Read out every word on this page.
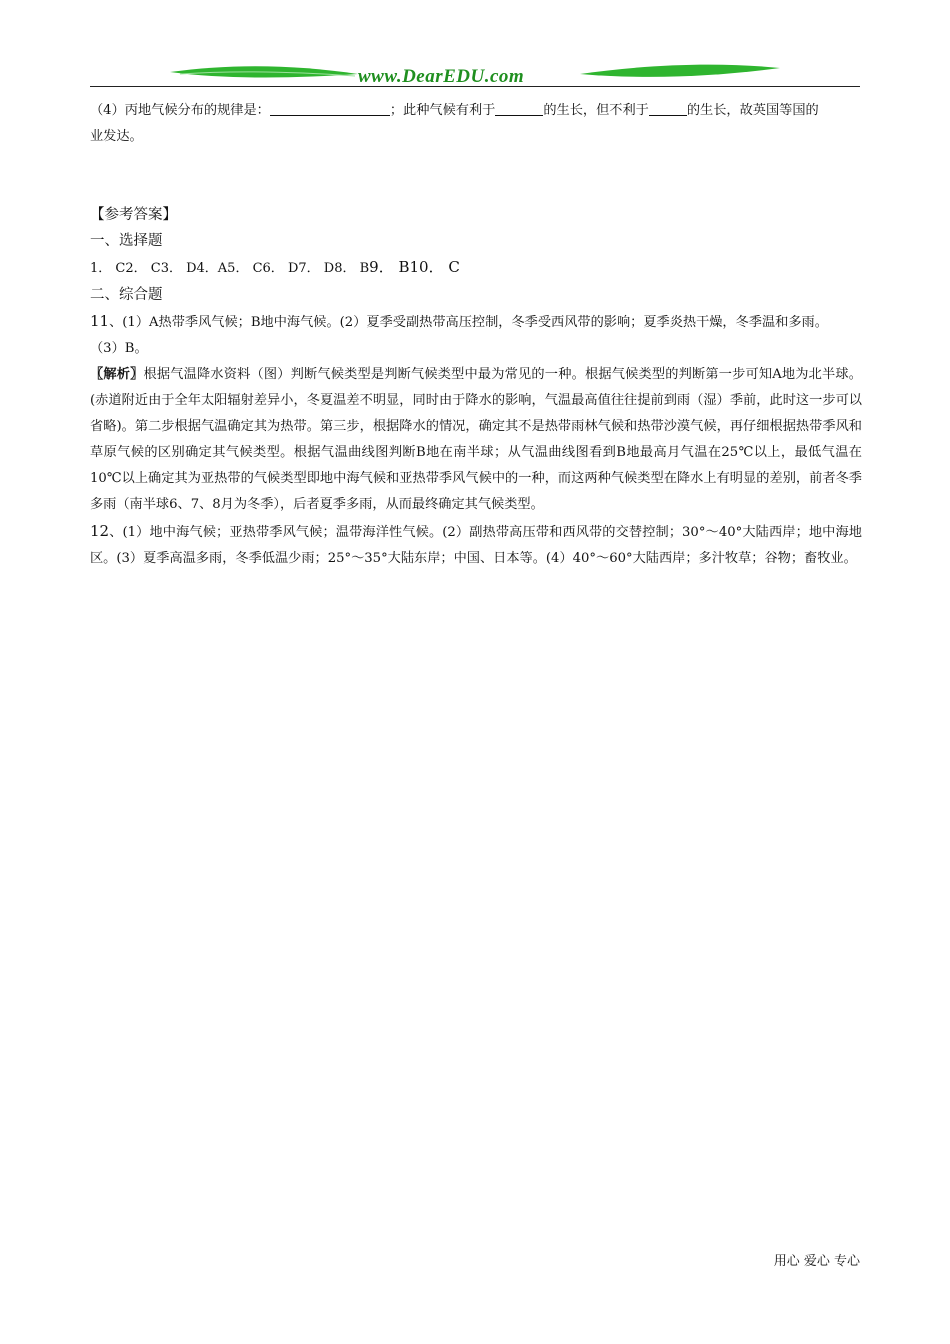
www.DearEDU.com

（4）丙地气候分布的规律是：	；此种气候有利于	的生长，但不利于	的生长，故英国等国的

业发达。

【参考答案】

一、选择题

1． C2． C3． D4．A5． C6． D7． D8． B9． B10． C

二、综合题

11、(1）A热带季风气候；B地中海气候。(2）夏季受副热带高压控制，冬季受西风带的影响；夏季炎热干燥，冬季温和多雨。

（3）B。

〖解析〗根据气温降水资料（图）判断气候类型是判断气候类型中最为常见的一种。根据气候类型的判断第一步可知A地为北半球。(赤道附近由于全年太阳辐射差异小，冬夏温差不明显，同时由于降水的影响，气温最高值往往提前到雨（湿）季前，此时这一步可以省略)。第二步根据气温确定其为热带。第三步，根据降水的情况，确定其不是热带雨林气候和热带沙漠气候，再仔细根据热带季风和草原气候的区别确定其气候类型。根据气温曲线图判断B地在南半球；从气温曲线图看到B地最高月气温在25℃以上，最低气温在10℃以上确定其为亚热带的气候类型即地中海气候和亚热带季风气候中的一种，而这两种气候类型在降水上有明显的差别，前者冬季多雨（南半球6、7、8月为冬季），后者夏季多雨，从而最终确定其气候类型。

12、(1）地中海气候；亚热带季风气候；温带海洋性气候。(2）副热带高压带和西风带的交替控制；30°～40°大陆西岸；地中海地区。(3）夏季高温多雨，冬季低温少雨；25°～35°大陆东岸；中国、日本等。(4）40°～60°大陆西岸；多汁牧草；谷物；畜牧业。

用心 爱心 专心
